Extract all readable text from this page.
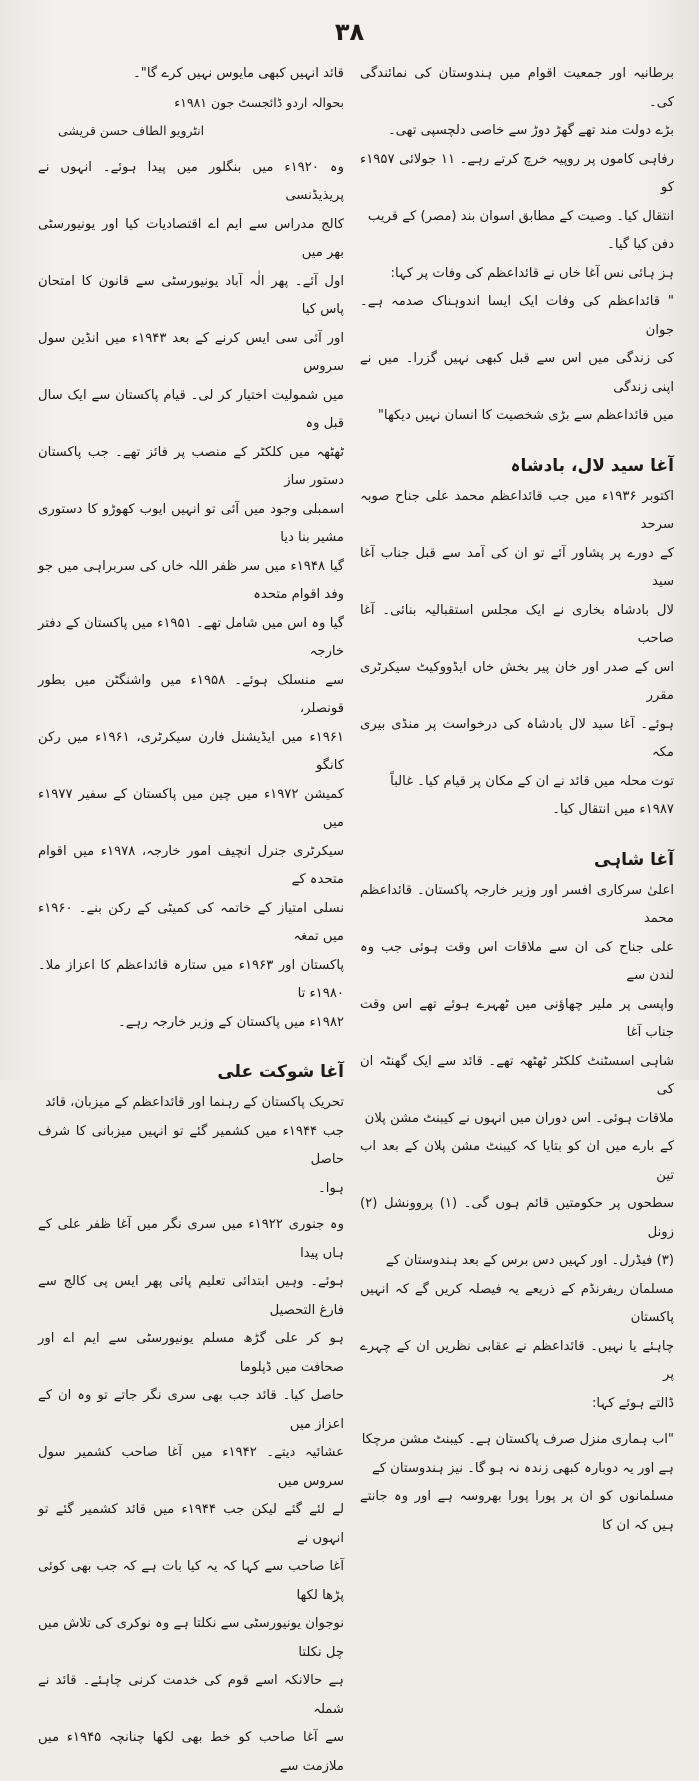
۳۸

برطانیہ اور جمعیت اقوام میں ہندوستان کی نمائندگی کی۔

بڑے دولت مند تھے گھڑ دوڑ سے خاصی دلچسپی تھی۔

رفاہی کاموں پر روپیہ خرچ کرتے رہے۔ ۱۱ جولائی ۱۹۵۷ء کو

انتقال کیا۔ وصیت کے مطابق اسوان بند (مصر) کے قریب

دفن کیا گیا۔

ہز ہائی نس آغا خاں نے قائداعظم کی وفات پر کہا:

" قائداعظم کی وفات ایک ایسا اندوہناک صدمہ ہے۔ جوان

کی زندگی میں اس سے قبل کبھی نہیں گزرا۔ میں نے اپنی زندگی

میں قائداعظم سے بڑی شخصیت کا انسان نہیں دیکھا"

آغا سید لال، بادشاہ

اکتوبر ۱۹۳۶ء میں جب قائداعظم محمد علی جناح صوبہ سرحد

کے دورے پر پشاور آئے تو ان کی آمد سے قبل جناب آغا سید

لال بادشاہ بخاری نے ایک مجلس استقبالیہ بنائی۔ آغا صاحب

اس کے صدر اور خان پیر بخش خاں ایڈووکیٹ سیکرٹری مقرر

ہوئے۔ آغا سید لال بادشاہ کی درخواست پر منڈی بیری مکہ

توت محلہ میں قائد نے ان کے مکان پر قیام کیا۔ غالباً

۱۹۸۷ء میں انتقال کیا۔

آغا شاہی

اعلیٰ سرکاری افسر اور وزیر خارجہ پاکستان۔ قائداعظم محمد

علی جناح کی ان سے ملاقات اس وقت ہوئی جب وہ لندن سے

واپسی پر ملیر چھاؤنی میں ٹھہرے ہوئے تھے اس وقت جناب آغا

شاہی اسسٹنٹ کلکٹر ٹھٹھہ تھے۔ قائد سے ایک گھنٹہ ان کی

ملاقات ہوئی۔ اس دوران میں انہوں نے کیبنٹ مشن پلان

کے بارے میں ان کو بتایا کہ کیبنٹ مشن پلان کے بعد اب تین

سطحوں پر حکومتیں قائم ہوں گی۔ (۱) پروونشل (۲) زونل

(۳) فیڈرل۔ اور کہیں دس برس کے بعد ہندوستان کے

مسلمان ریفرنڈم کے ذریعے یہ فیصلہ کریں گے کہ انہیں پاکستان

چاہئے یا نہیں۔ قائداعظم نے عقابی نظریں ان کے چہرے پر

ڈالتے ہوئے کہا:

"اب ہماری منزل صرف پاکستان ہے۔ کیبنٹ مشن مرچکا

ہے اور یہ دوبارہ کبھی زندہ نہ ہو گا۔ نیز ہندوستان کے

مسلمانوں کو ان پر پورا پورا بھروسہ ہے اور وہ جانتے ہیں کہ ان کا

قائد انہیں کبھی مایوس نہیں کرے گا"۔

بحوالہ اردو ڈائجسٹ جون ۱۹۸۱ء

انٹرویو الطاف حسن قریشی

وہ ۱۹۲۰ء میں بنگلور میں پیدا ہوئے۔ انہوں نے پریذیڈنسی

کالج مدراس سے ایم اے اقتصادیات کیا اور یونیورسٹی بھر میں

اول آئے۔ پھر الٰہ آباد یونیورسٹی سے قانون کا امتحان پاس کیا

اور آئی سی ایس کرنے کے بعد ۱۹۴۳ء میں انڈین سول سروس

میں شمولیت اختیار کر لی۔ قیام پاکستان سے ایک سال قبل وہ

ٹھٹھہ میں کلکٹر کے منصب پر فائز تھے۔ جب پاکستان دستور ساز

اسمبلی وجود میں آئی تو انہیں ایوب کھوڑو کا دستوری مشیر بنا دیا

گیا ۱۹۴۸ء میں سر ظفر اللہ خاں کی سربراہی میں جو وفد اقوام متحدہ

گیا وہ اس میں شامل تھے۔ ۱۹۵۱ء میں پاکستان کے دفتر خارجہ

سے منسلک ہوئے۔ ۱۹۵۸ء میں واشنگٹن میں بطور قونصلر،

۱۹۶۱ء میں ایڈیشنل فارن سیکرٹری، ۱۹۶۱ء میں رکن کانگو

کمیشن ۱۹۷۲ء میں چین میں پاکستان کے سفیر ۱۹۷۷ء میں

سیکرٹری جنرل انچیف امور خارجہ، ۱۹۷۸ء میں اقوام متحدہ کے

نسلی امتیاز کے خاتمہ کی کمیٹی کے رکن بنے۔ ۱۹۶۰ء میں تمغہ

پاکستان اور ۱۹۶۳ء میں ستارہ قائداعظم کا اعزاز ملا۔ ۱۹۸۰ء تا

۱۹۸۲ء میں پاکستان کے وزیر خارجہ رہے۔

آغا شوکت علی

تحریک پاکستان کے رہنما اور قائداعظم کے میزبان، قائد

جب ۱۹۴۴ء میں کشمیر گئے تو انہیں میزبانی کا شرف حاصل

ہوا۔

وہ جنوری ۱۹۲۲ء میں سری نگر میں آغا ظفر علی کے ہاں پیدا

ہوئے۔ وہیں ابتدائی تعلیم پائی پھر ایس پی کالج سے فارغ التحصیل

ہو کر علی گڑھ مسلم یونیورسٹی سے ایم اے اور صحافت میں ڈپلوما

حاصل کیا۔ قائد جب بھی سری نگر جاتے تو وہ ان کے اعزاز میں

عشائیہ دیتے۔ ۱۹۴۲ء میں آغا صاحب کشمیر سول سروس میں

لے لئے گئے لیکن جب ۱۹۴۴ء میں قائد کشمیر گئے تو انہوں نے

آغا صاحب سے کہا کہ یہ کیا بات ہے کہ جب بھی کوئی پڑھا لکھا

نوجوان یونیورسٹی سے نکلتا ہے وہ نوکری کی تلاش میں چل نکلتا

ہے حالانکہ اسے قوم کی خدمت کرنی چاہئے۔ قائد نے شملہ

سے آغا صاحب کو خط بھی لکھا چنانچہ ۱۹۴۵ء میں ملازمت سے
